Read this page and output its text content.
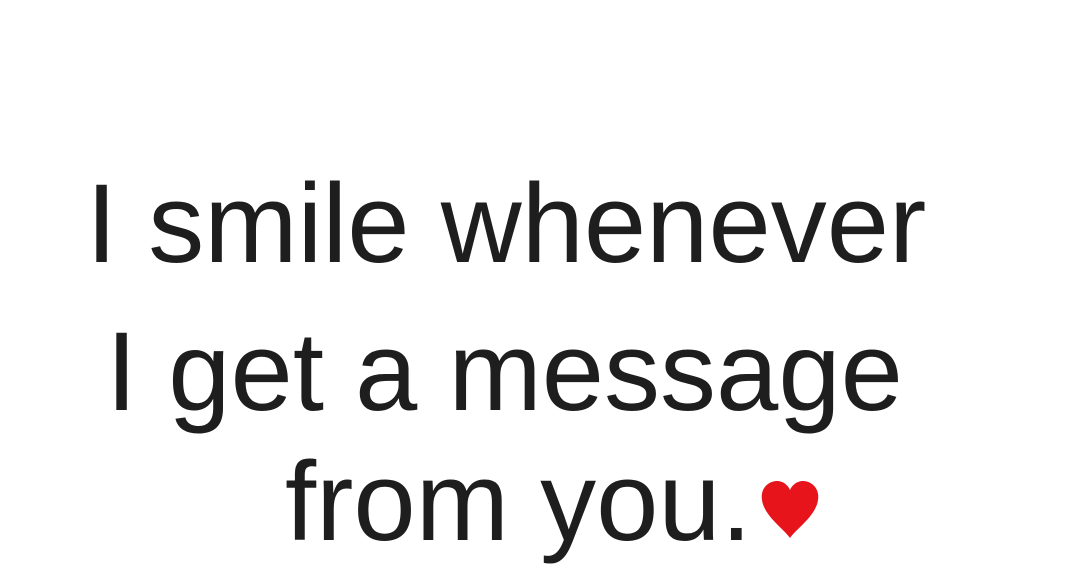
I smile whenever

I get a message

from you.
